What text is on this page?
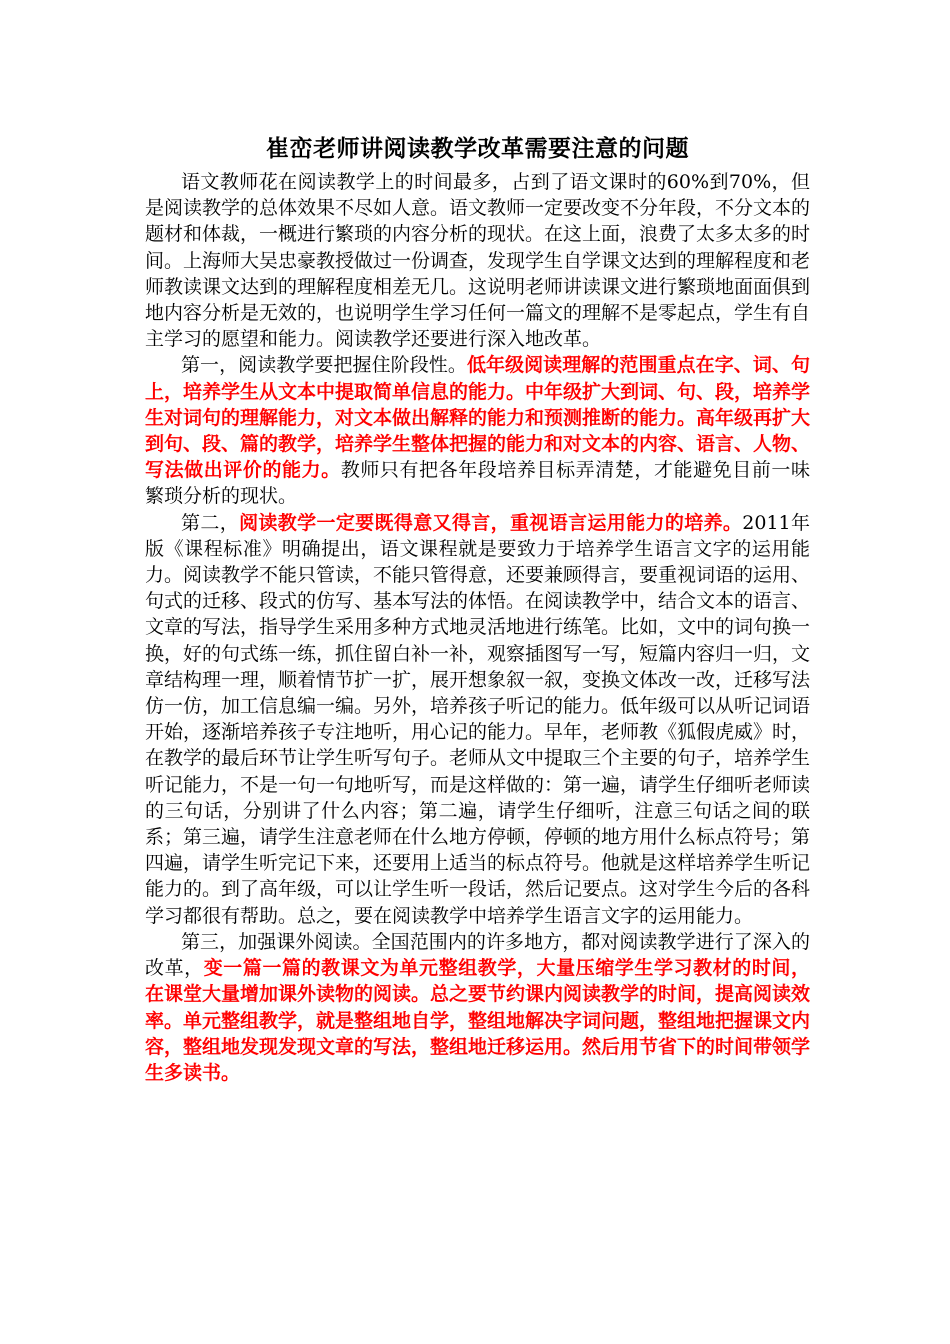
崔峦老师讲阅读教学改革需要注意的问题

语文教师花在阅读教学上的时间最多，占到了语文课时的60%到70%，但是阅读教学的总体效果不尽如人意。语文教师一定要改变不分年段，不分文本的题材和体裁，一概进行繁琐的内容分析的现状。在这上面，浪费了太多太多的时间。上海师大吴忠豪教授做过一份调查，发现学生自学课文达到的理解程度和老师教读课文达到的理解程度相差无几。这说明老师讲读课文进行繁琐地面面俱到地内容分析是无效的，也说明学生学习任何一篇文的理解不是零起点，学生有自主学习的愿望和能力。阅读教学还要进行深入地改革。

第一，阅读教学要把握住阶段性。低年级阅读理解的范围重点在字、词、句上，培养学生从文本中提取简单信息的能力。中年级扩大到词、句、段，培养学生对词句的理解能力，对文本做出解释的能力和预测推断的能力。高年级再扩大到句、段、篇的教学，培养学生整体把握的能力和对文本的内容、语言、人物、写法做出评价的能力。教师只有把各年段培养目标弄清楚，才能避免目前一味繁琐分析的现状。

第二，阅读教学一定要既得意又得言，重视语言运用能力的培养。2011年版《课程标准》明确提出，语文课程就是要致力于培养学生语言文字的运用能力。阅读教学不能只管读，不能只管得意，还要兼顾得言，要重视词语的运用、句式的迁移、段式的仿写、基本写法的体悟。在阅读教学中，结合文本的语言、文章的写法，指导学生采用多种方式地灵活地进行练笔。比如，文中的词句换一换，好的句式练一练，抓住留白补一补，观察插图写一写，短篇内容归一归，文章结构理一理，顺着情节扩一扩，展开想象叙一叙，变换文体改一改，迁移写法仿一仿，加工信息编一编。另外，培养孩子听记的能力。低年级可以从听记词语开始，逐渐培养孩子专注地听，用心记的能力。早年，老师教《狐假虎威》时，在教学的最后环节让学生听写句子。老师从文中提取三个主要的句子，培养学生听记能力，不是一句一句地听写，而是这样做的：第一遍，请学生仔细听老师读的三句话，分别讲了什么内容；第二遍，请学生仔细听，注意三句话之间的联系；第三遍，请学生注意老师在什么地方停顿，停顿的地方用什么标点符号；第四遍，请学生听完记下来，还要用上适当的标点符号。他就是这样培养学生听记能力的。到了高年级，可以让学生听一段话，然后记要点。这对学生今后的各科学习都很有帮助。总之，要在阅读教学中培养学生语言文字的运用能力。

第三，加强课外阅读。全国范围内的许多地方，都对阅读教学进行了深入的改革，变一篇一篇的教课文为单元整组教学，大量压缩学生学习教材的时间，在课堂大量增加课外读物的阅读。总之要节约课内阅读教学的时间，提高阅读效率。单元整组教学，就是整组地自学，整组地解决字词问题，整组地把握课文内容，整组地发现发现文章的写法，整组地迁移运用。然后用节省下的时间带领学生多读书。
